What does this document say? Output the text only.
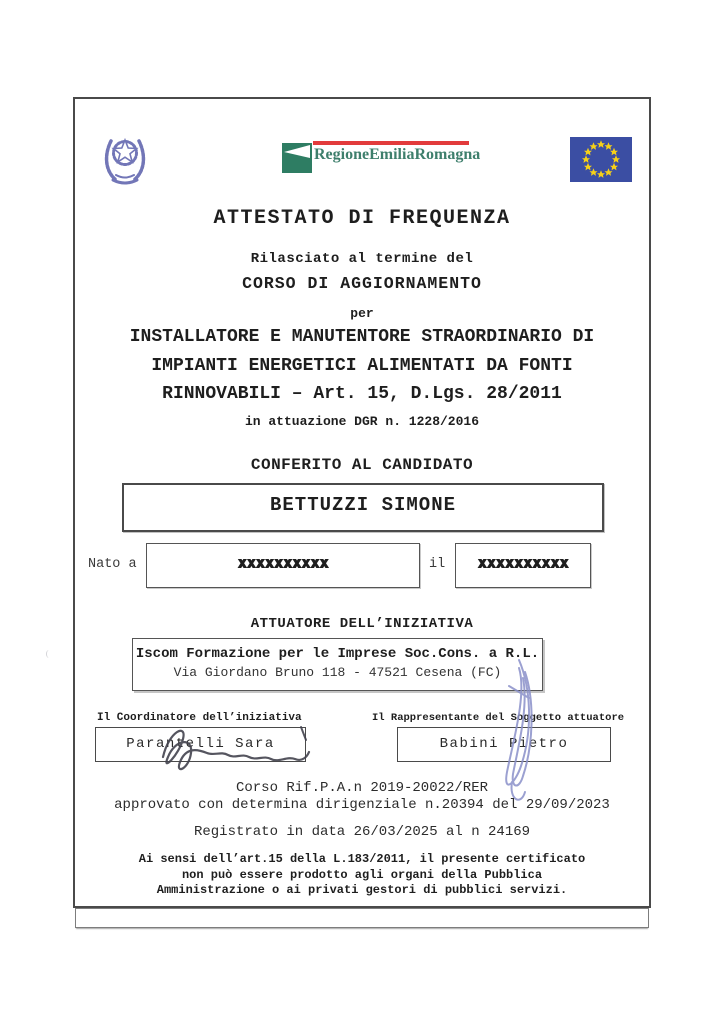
RegioneEmiliaRomagna
ATTESTATO DI FREQUENZA
Rilasciato al termine del
CORSO DI AGGIORNAMENTO
per
INSTALLATORE E MANUTENTORE STRAORDINARIO DI
IMPIANTI ENERGETICI ALIMENTATI DA FONTI
RINNOVABILI – Art. 15, D.Lgs. 28/2011
in attuazione DGR n. 1228/2016
CONFERITO AL CANDIDATO
BETTUZZI SIMONE
Nato a	XXXXXXXXXX	il	XXXXXXXXXX
ATTUATORE DELL’INIZIATIVA
Iscom Formazione per le Imprese Soc.Cons. a R.L.
Via Giordano Bruno 118 - 47521 Cesena (FC)
Il Coordinatore dell’iniziativa	Il Rappresentante del Soggetto attuatore
Parantelli Sara	Babini Pietro
Corso Rif.P.A.n 2019-20022/RER
approvato con determina dirigenziale n.20394 del 29/09/2023
Registrato in data 26/03/2025 al n 24169
Ai sensi dell’art.15 della L.183/2011, il presente certificato
non può essere prodotto agli organi della Pubblica
Amministrazione o ai privati gestori di pubblici servizi.
